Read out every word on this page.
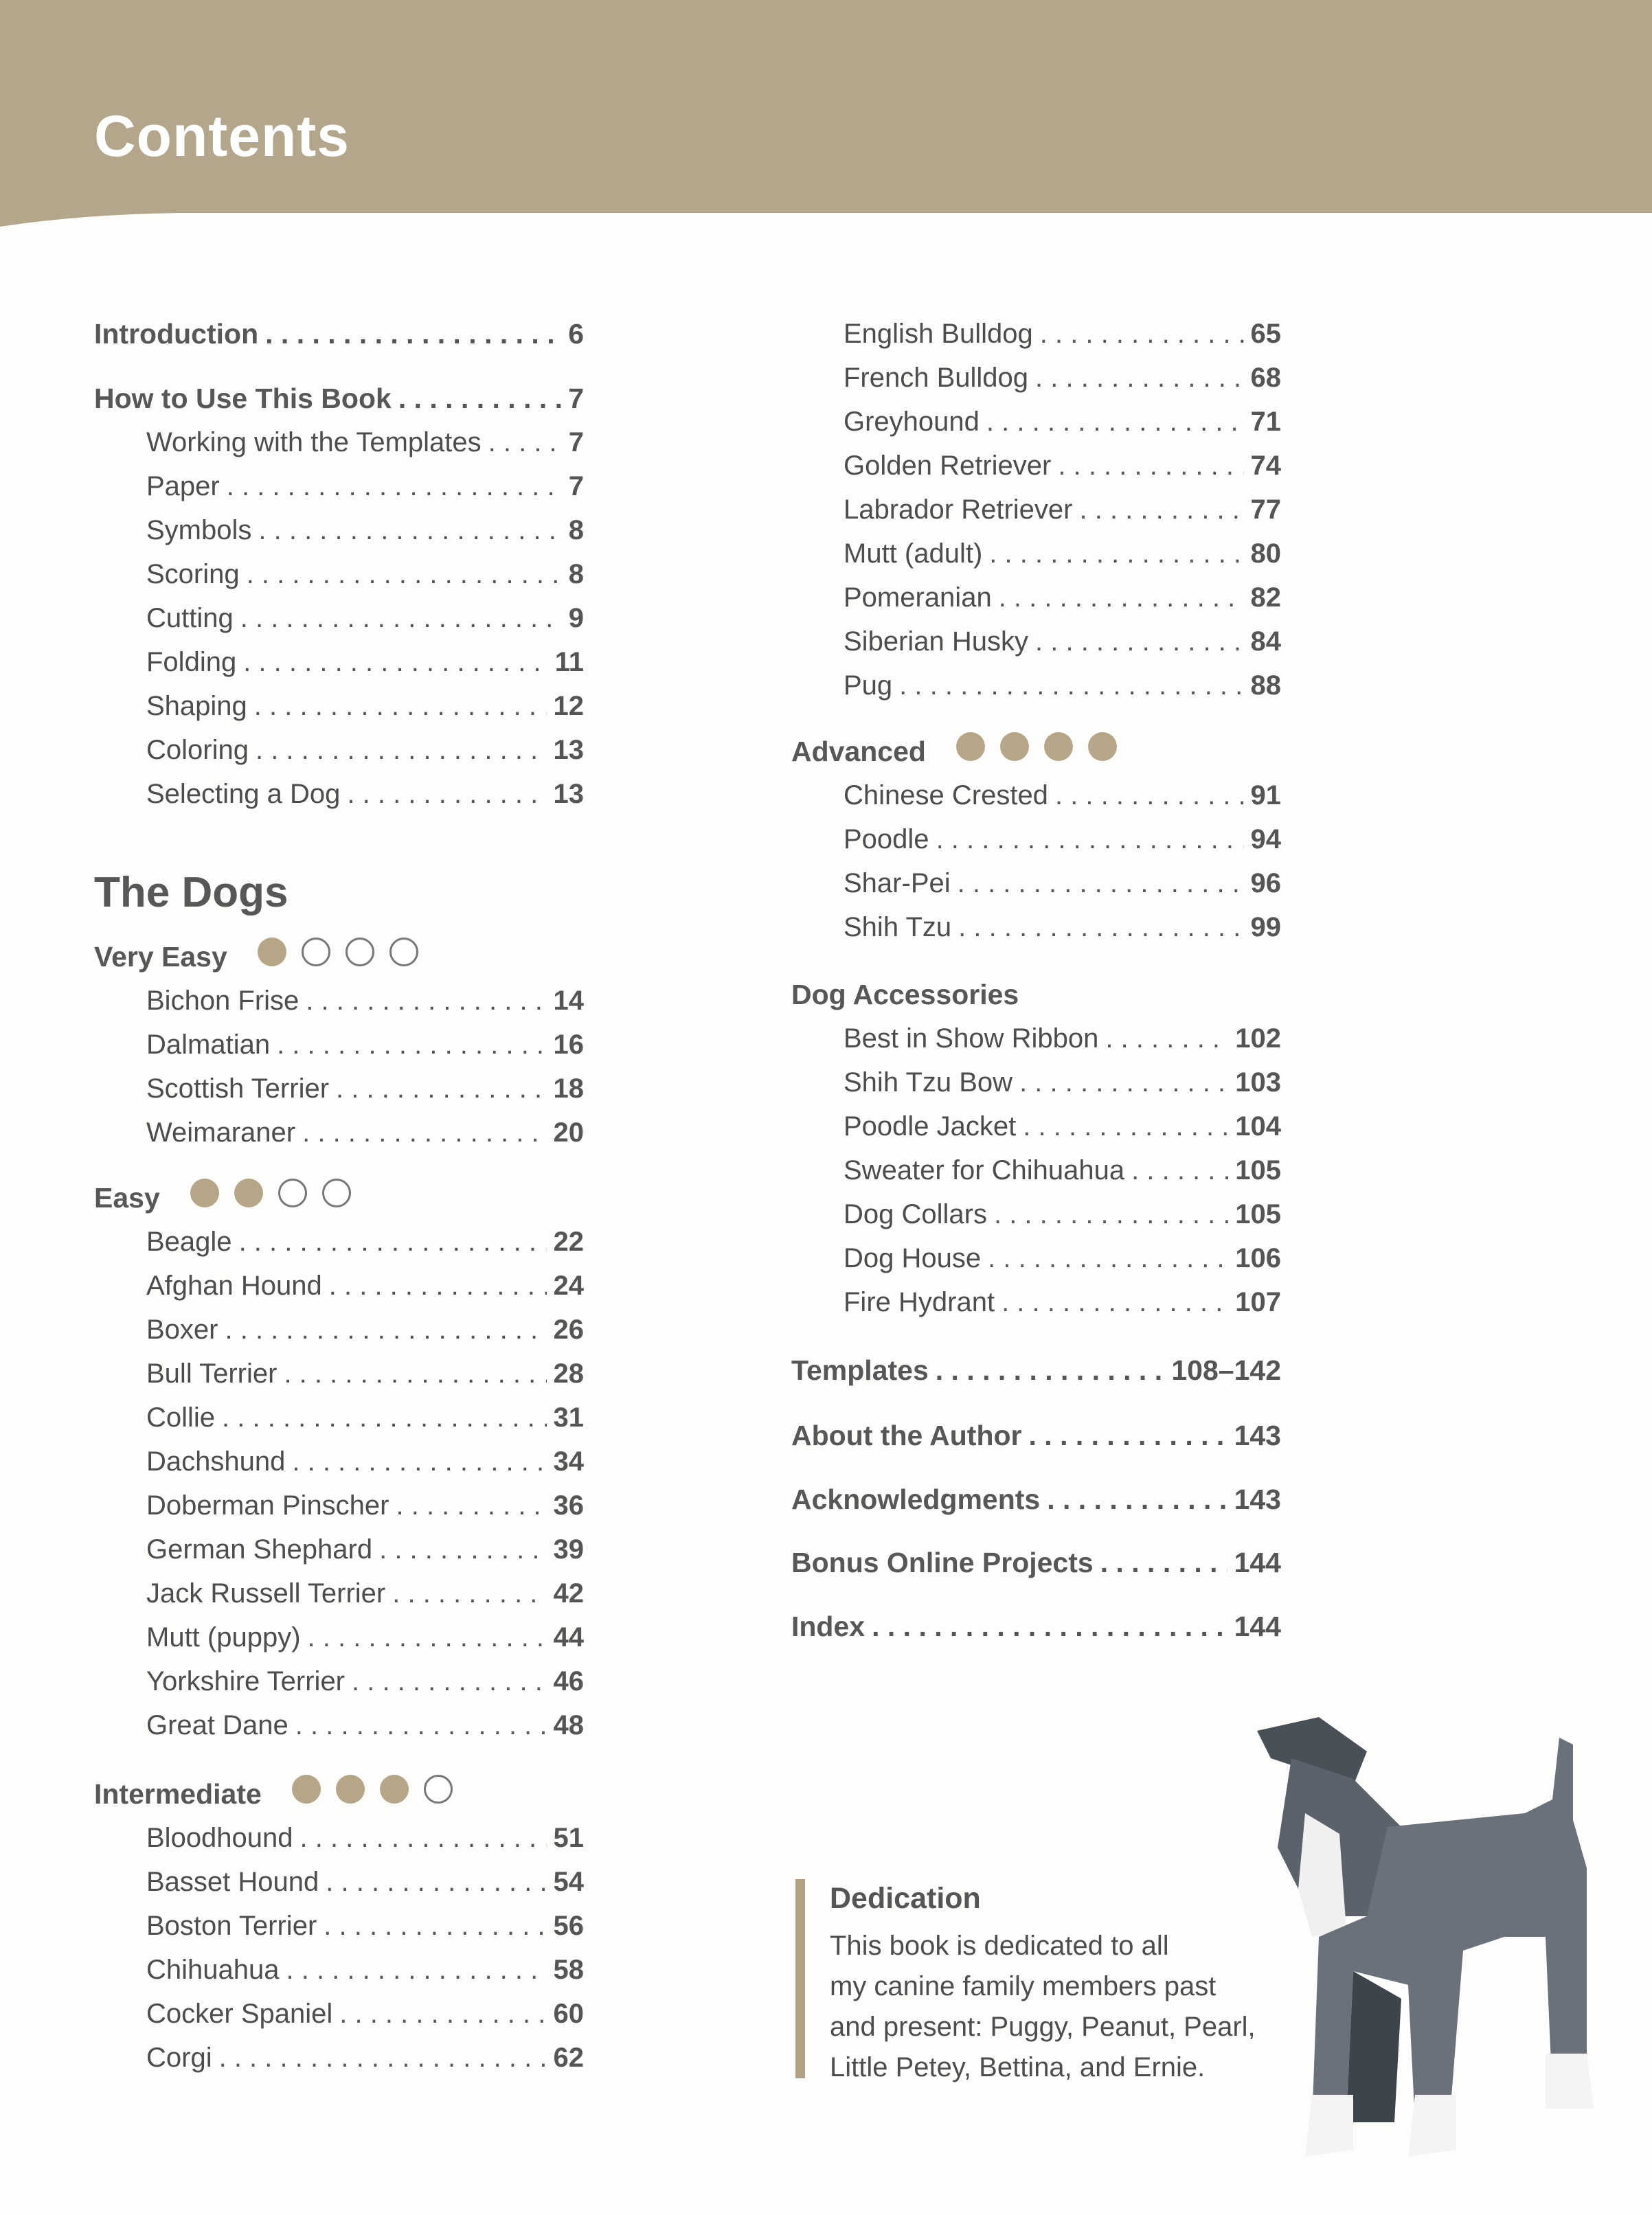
Contents
Introduction . . .	6
How to Use This Book . . .	7
Working with the Templates . . .	7
Paper . . .	7
Symbols . . .	8
Scoring . . .	8
Cutting . . .	9
Folding . . .	11
Shaping . . .	12
Coloring . . .	13
Selecting a Dog . . .	13
The Dogs
Very Easy
Bichon Frise . . .	14
Dalmatian . . .	16
Scottish Terrier . . .	18
Weimaraner . . .	20
Easy
Beagle . . .	22
Afghan Hound . . .	24
Boxer . . .	26
Bull Terrier . . .	28
Collie . . .	31
Dachshund . . .	34
Doberman Pinscher . . .	36
German Shephard . . .	39
Jack Russell Terrier . . .	42
Mutt (puppy) . . .	44
Yorkshire Terrier . . .	46
Great Dane . . .	48
Intermediate
Bloodhound . . .	51
Basset Hound . . .	54
Boston Terrier . . .	56
Chihuahua . . .	58
Cocker Spaniel . . .	60
Corgi . . .	62
English Bulldog . . .	65
French Bulldog . . .	68
Greyhound . . .	71
Golden Retriever . . .	74
Labrador Retriever . . .	77
Mutt (adult) . . .	80
Pomeranian . . .	82
Siberian Husky . . .	84
Pug . . .	88
Advanced
Chinese Crested . . .	91
Poodle . . .	94
Shar-Pei . . .	96
Shih Tzu . . .	99
Dog Accessories
Best in Show Ribbon . . .	102
Shih Tzu Bow . . .	103
Poodle Jacket . . .	104
Sweater for Chihuahua . . .	105
Dog Collars . . .	105
Dog House . . .	106
Fire Hydrant . . .	107
Templates . . .	108–142
About the Author . . .	143
Acknowledgments . . .	143
Bonus Online Projects . . .	144
Index . . .	144
Dedication

This book is dedicated to all
my canine family members past
and present: Puggy, Peanut, Pearl,
Little Petey, Bettina, and Ernie.
